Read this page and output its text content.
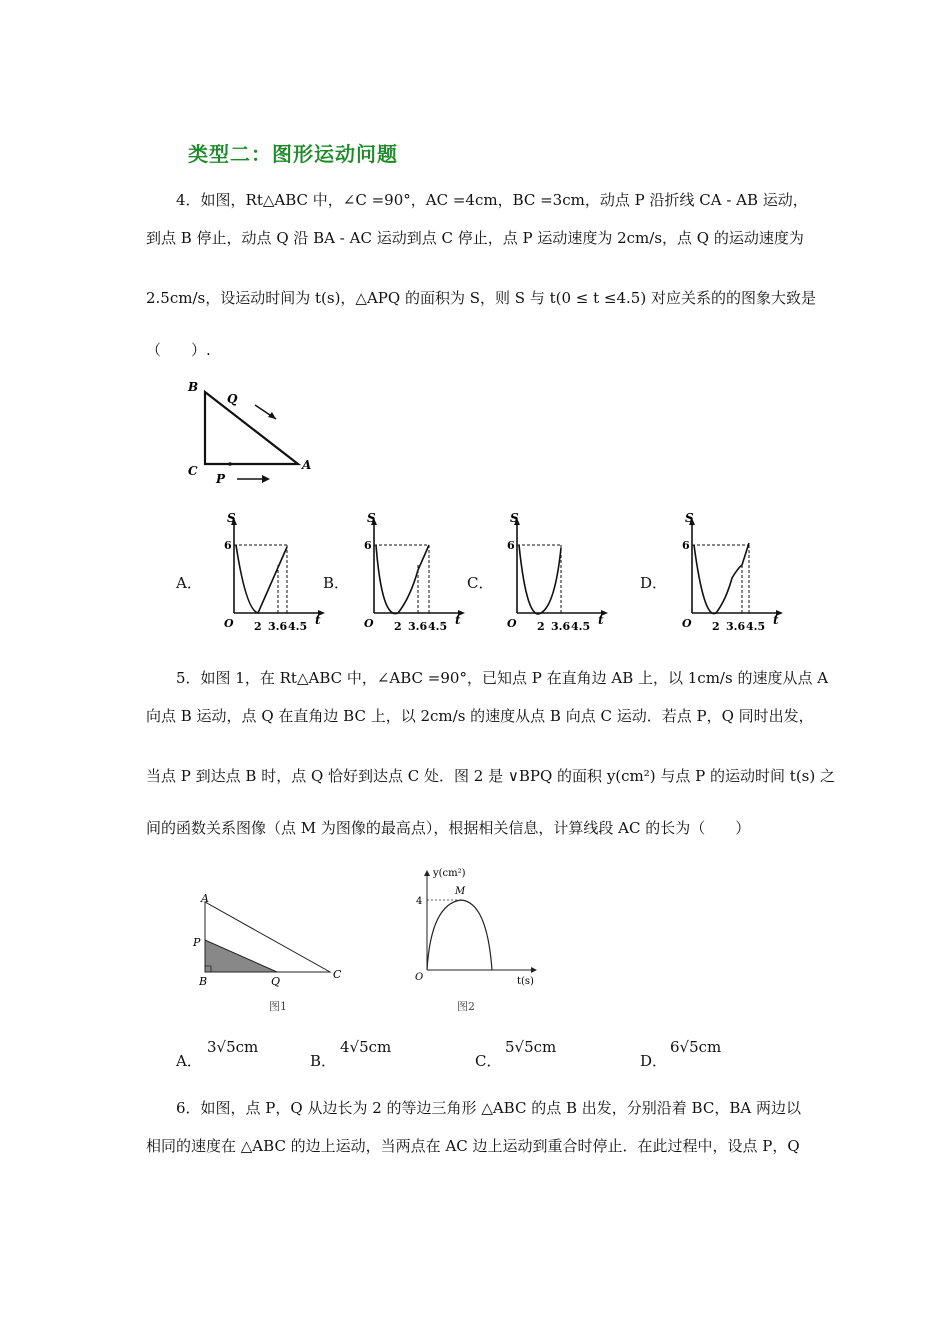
类型二：图形运动问题
4．如图，Rt△ABC 中，∠C =90°，AC =4cm，BC =3cm，动点 P 沿折线 CA - AB 运动，
到点 B 停止，动点 Q 沿 BA - AC 运动到点 C 停止，点 P 运动速度为 2cm/s，点 Q 的运动速度为
2.5cm/s，设运动时间为 t(s)，△APQ 的面积为 S，则 S 与 t(0 ≤ t ≤4.5) 对应关系的的图象大致是
（　　）.
B
Q
C
P
A
A．
S
6
O 2 3.6 4.5 t
B．
S
6
O 2 3.6 4.5 t
C．
S
6
O 2 3.6 4.5 t
D．
S
6
O 2 3.6 4.5 t
5．如图 1，在 Rt△ABC 中，∠ABC =90°，已知点 P 在直角边 AB 上，以 1cm/s 的速度从点 A
向点 B 运动，点 Q 在直角边 BC 上，以 2cm/s 的速度从点 B 向点 C 运动．若点 P，Q 同时出发，
当点 P 到达点 B 时，点 Q 恰好到达点 C 处．图 2 是 ∨BPQ 的面积 y(cm²) 与点 P 的运动时间 t(s) 之
间的函数关系图像（点 M 为图像的最高点），根据相关信息，计算线段 AC 的长为（　　）
A
P
B	Q
C
图1
y(cm²)
M
4
O	t(s)
图2
A．
3√5cm
B．
4√5cm
C．
5√5cm
D．
6√5cm
6．如图，点 P，Q 从边长为 2 的等边三角形 △ABC 的点 B 出发，分别沿着 BC，BA 两边以
相同的速度在 △ABC 的边上运动，当两点在 AC 边上运动到重合时停止．在此过程中，设点 P，Q
